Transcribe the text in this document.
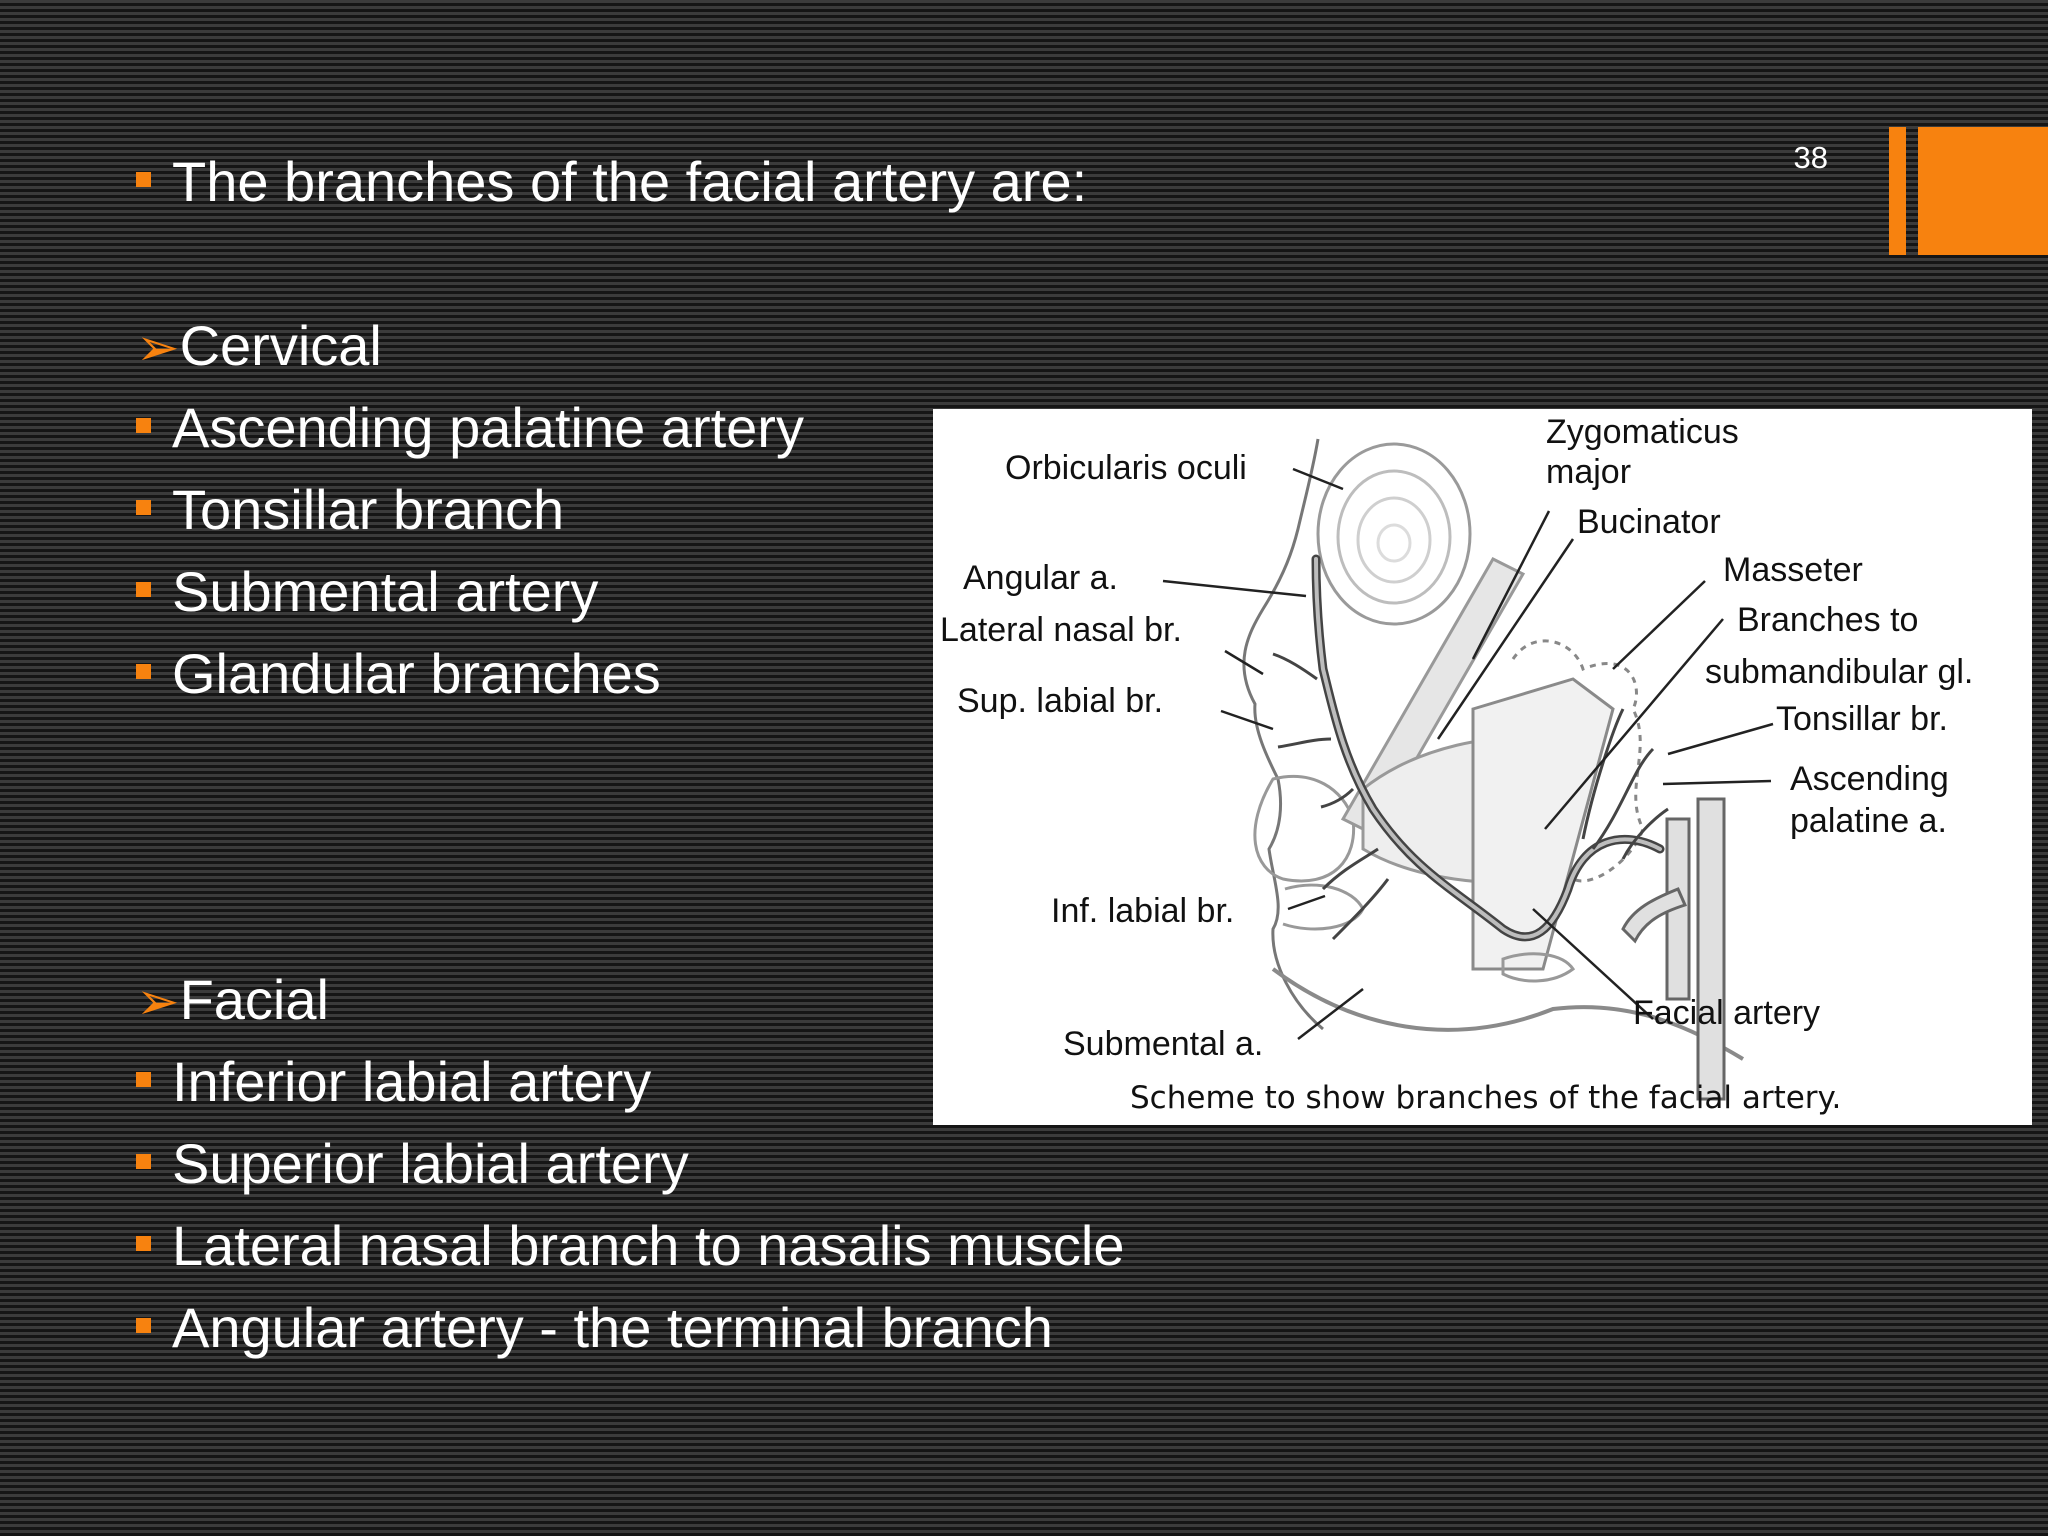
38
The branches of the facial artery are:
➢Cervical
Ascending palatine artery
Tonsillar branch
Submental artery
Glandular branches
➢Facial
Inferior labial artery
Superior labial artery
Lateral nasal branch to nasalis muscle
Angular artery - the terminal branch
Orbicularis oculi
Zygomaticus
major
Bucinator
Angular a.	Masseter
Branches to
submandibular gl.
Lateral nasal br.
Tonsillar br.
Sup. labial br.
Ascending
palatine a.
Inf. labial br.
Facial artery
Submental a.
Scheme to show branches of the facial artery.
